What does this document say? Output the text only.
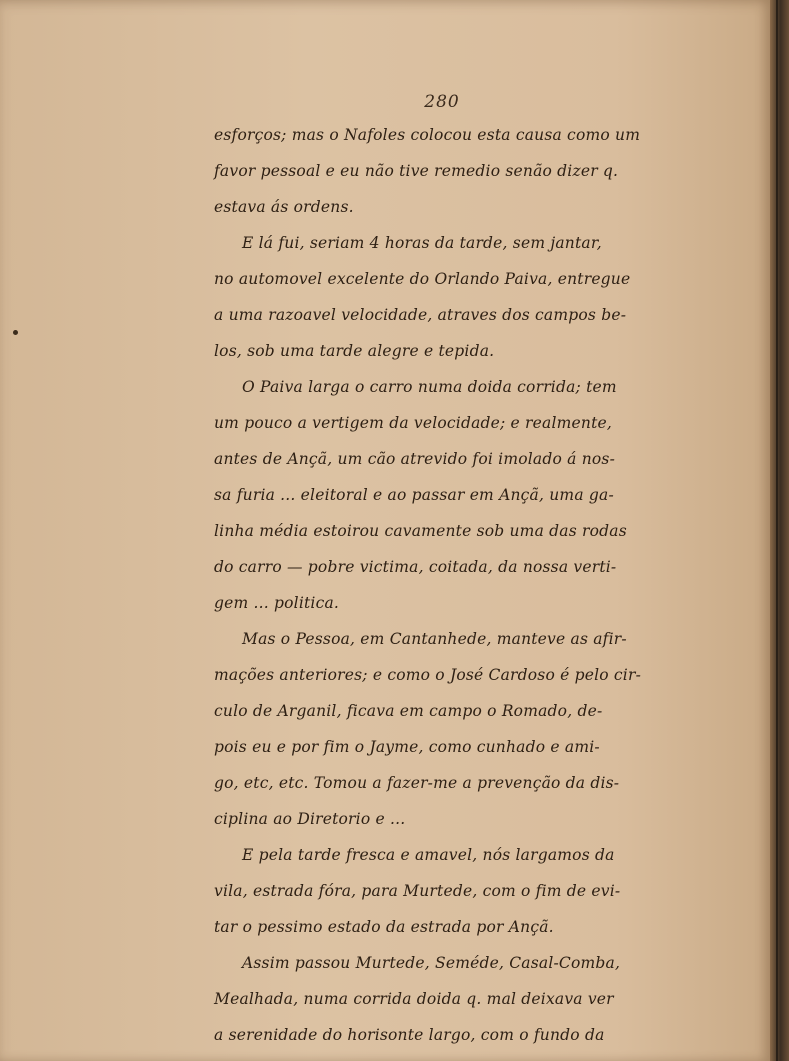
280
esforços; mas o Nafoles colocou esta causa como um
favor pessoal e eu não tive remedio senão dizer q.
estava ás ordens.
E lá fui, seriam 4 horas da tarde, sem jantar,
no automovel excelente do Orlando Paiva, entregue
a uma razoavel velocidade, atraves dos campos be-
los, sob uma tarde alegre e tepida.
O Paiva larga o carro numa doida corrida; tem
um pouco a vertigem da velocidade; e realmente,
antes de Ançã, um cão atrevido foi imolado á nos-
sa furia ... eleitoral e ao passar em Ançã, uma ga-
linha média estoirou cavamente sob uma das rodas
do carro — pobre victima, coitada, da nossa verti-
gem ... politica.
Mas o Pessoa, em Cantanhede, manteve as afir-
mações anteriores; e como o José Cardoso é pelo cir-
culo de Arganil, ficava em campo o Romado, de-
pois eu e por fim o Jayme, como cunhado e ami-
go, etc, etc. Tomou a fazer-me a prevenção da dis-
ciplina ao Diretorio e ...
E pela tarde fresca e amavel, nós largamos da
vila, estrada fóra, para Murtede, com o fim de evi-
tar o pessimo estado da estrada por Ançã.
Assim passou Murtede, Seméde, Casal-Comba,
Mealhada, numa corrida doida q. mal deixava ver
a serenidade do horisonte largo, com o fundo da
